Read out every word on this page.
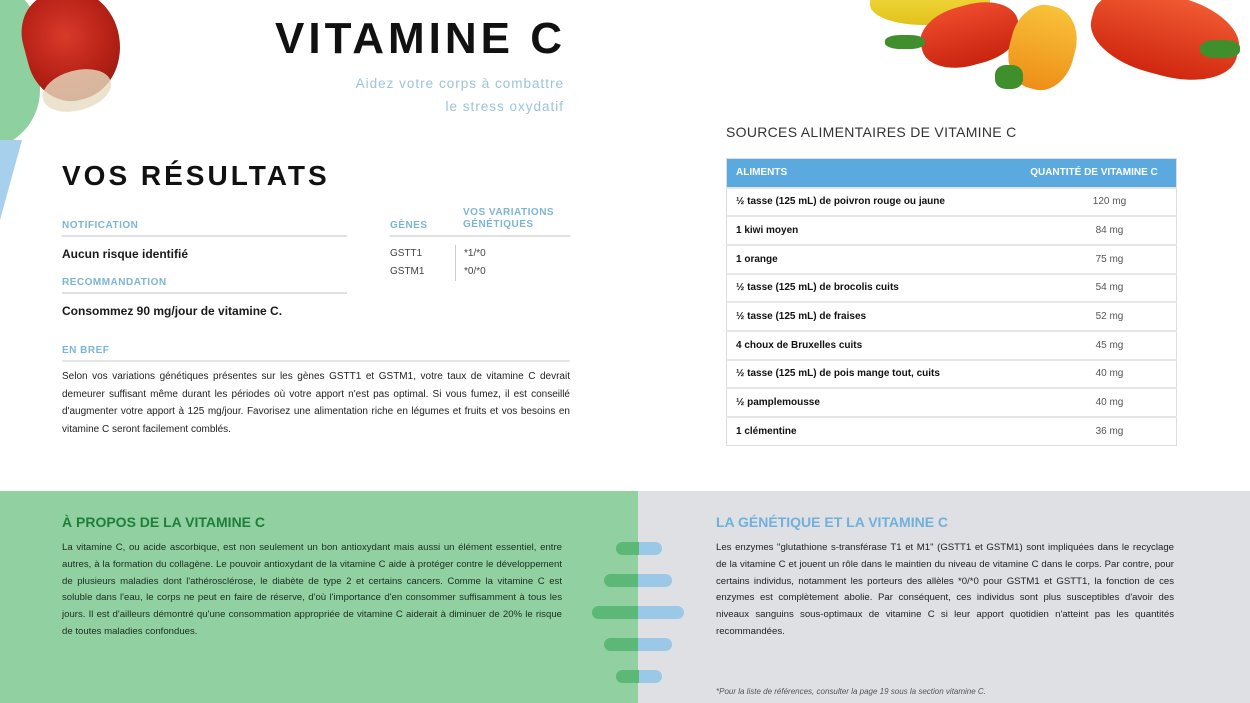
VITAMINE C
Aidez votre corps à combattre
le stress oxydatif
VOS RÉSULTATS
NOTIFICATION
Aucun risque identifié
RECOMMANDATION
Consommez 90 mg/jour de vitamine C.
GÈNES
VOS VARIATIONS
GÉNÉTIQUES
GSTT1	*1/*0
GSTM1	*0/*0
EN BREF

Selon vos variations génétiques présentes sur les gènes GSTT1 et GSTM1, votre taux de vitamine C devrait demeurer suffisant même durant les périodes où votre apport n'est pas optimal. Si vous fumez, il est conseillé d'augmenter votre apport à 125 mg/jour. Favorisez une alimentation riche en légumes et fruits et vos besoins en vitamine C seront facilement comblés.

SOURCES ALIMENTAIRES DE VITAMINE C
ALIMENTS	QUANTITÉ DE VITAMINE C
½ tasse (125 mL) de poivron rouge ou jaune	120 mg
1 kiwi moyen	84 mg
1 orange	75 mg
½ tasse (125 mL) de brocolis cuits	54 mg
½ tasse (125 mL) de fraises	52 mg
4 choux de Bruxelles cuits	45 mg
½ tasse (125 mL) de pois mange tout, cuits	40 mg
½ pamplemousse	40 mg
1 clémentine	36 mg
À PROPOS DE LA VITAMINE C

La vitamine C, ou acide ascorbique, est non seulement un bon antioxydant mais aussi un élément essentiel, entre autres, à la formation du collagène. Le pouvoir antioxydant de la vitamine C aide à protéger contre le développement de plusieurs maladies dont l'athérosclérose, le diabète de type 2 et certains cancers. Comme la vitamine C est soluble dans l'eau, le corps ne peut en faire de réserve, d'où l'importance d'en consommer suffisamment à tous les jours. Il est d'ailleurs démontré qu'une consommation appropriée de vitamine C aiderait à diminuer de 20% le risque de toutes maladies confondues.

LA GÉNÉTIQUE ET LA VITAMINE C

Les enzymes "glutathione s-transférase T1 et M1" (GSTT1 et GSTM1) sont impliquées dans le recyclage de la vitamine C et jouent un rôle dans le maintien du niveau de vitamine C dans le corps. Par contre, pour certains individus, notamment les porteurs des allèles *0/*0 pour GSTM1 et GSTT1, la fonction de ces enzymes est complètement abolie. Par conséquent, ces individus sont plus susceptibles d'avoir des niveaux sanguins sous-optimaux de vitamine C si leur apport quotidien n'atteint pas les quantités recommandées.

*Pour la liste de références, consulter la page 19 sous la section vitamine C.
